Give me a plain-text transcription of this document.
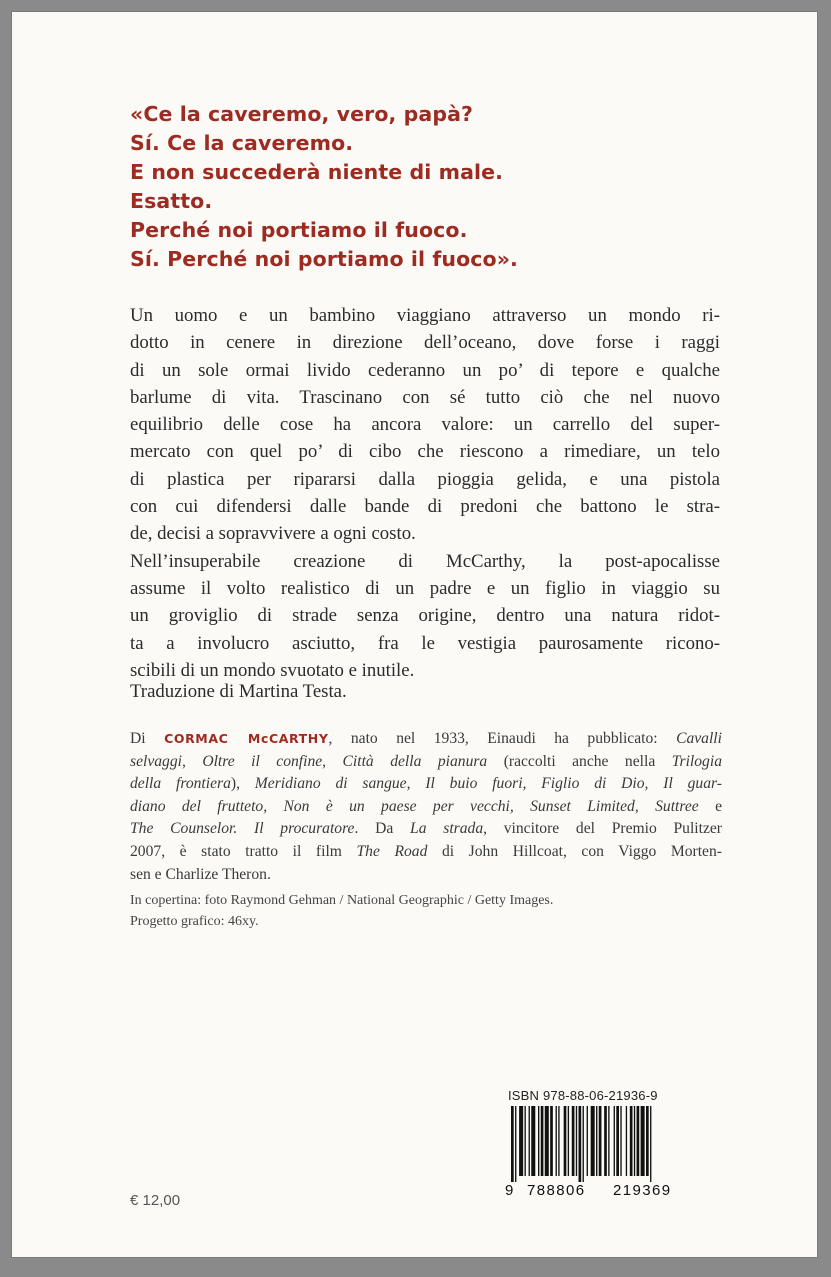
«Ce la caveremo, vero, papà?
Sí. Ce la caveremo.
E non succederà niente di male.
Esatto.
Perché noi portiamo il fuoco.
Sí. Perché noi portiamo il fuoco».
Un uomo e un bambino viaggiano attraverso un mondo ri-
dotto in cenere in direzione dell’oceano, dove forse i raggi
di un sole ormai livido cederanno un po’ di tepore e qualche
barlume di vita. Trascinano con sé tutto ciò che nel nuovo
equilibrio delle cose ha ancora valore: un carrello del super-
mercato con quel po’ di cibo che riescono a rimediare, un telo
di plastica per ripararsi dalla pioggia gelida, e una pistola
con cui difendersi dalle bande di predoni che battono le stra-
de, decisi a sopravvivere a ogni costo.
Nell’insuperabile creazione di McCarthy, la post-apocalisse
assume il volto realistico di un padre e un figlio in viaggio su
un groviglio di strade senza origine, dentro una natura ridot-
ta a involucro asciutto, fra le vestigia paurosamente ricono-
scibili di un mondo svuotato e inutile.
Traduzione di Martina Testa.
Di CORMAC McCARTHY, nato nel 1933, Einaudi ha pubblicato: Cavalli
selvaggi, Oltre il confine, Città della pianura (raccolti anche nella Trilogia
della frontiera), Meridiano di sangue, Il buio fuori, Figlio di Dio, Il guar-
diano del frutteto, Non è un paese per vecchi, Sunset Limited, Suttree e
The Counselor. Il procuratore. Da La strada, vincitore del Premio Pulitzer
2007, è stato tratto il film The Road di John Hillcoat, con Viggo Morten-
sen e Charlize Theron.
In copertina: foto Raymond Gehman / National Geographic / Getty Images.
Progetto grafico: 46xy.
€ 12,00
ISBN 978-88-06-21936-9
9 788806 219369
